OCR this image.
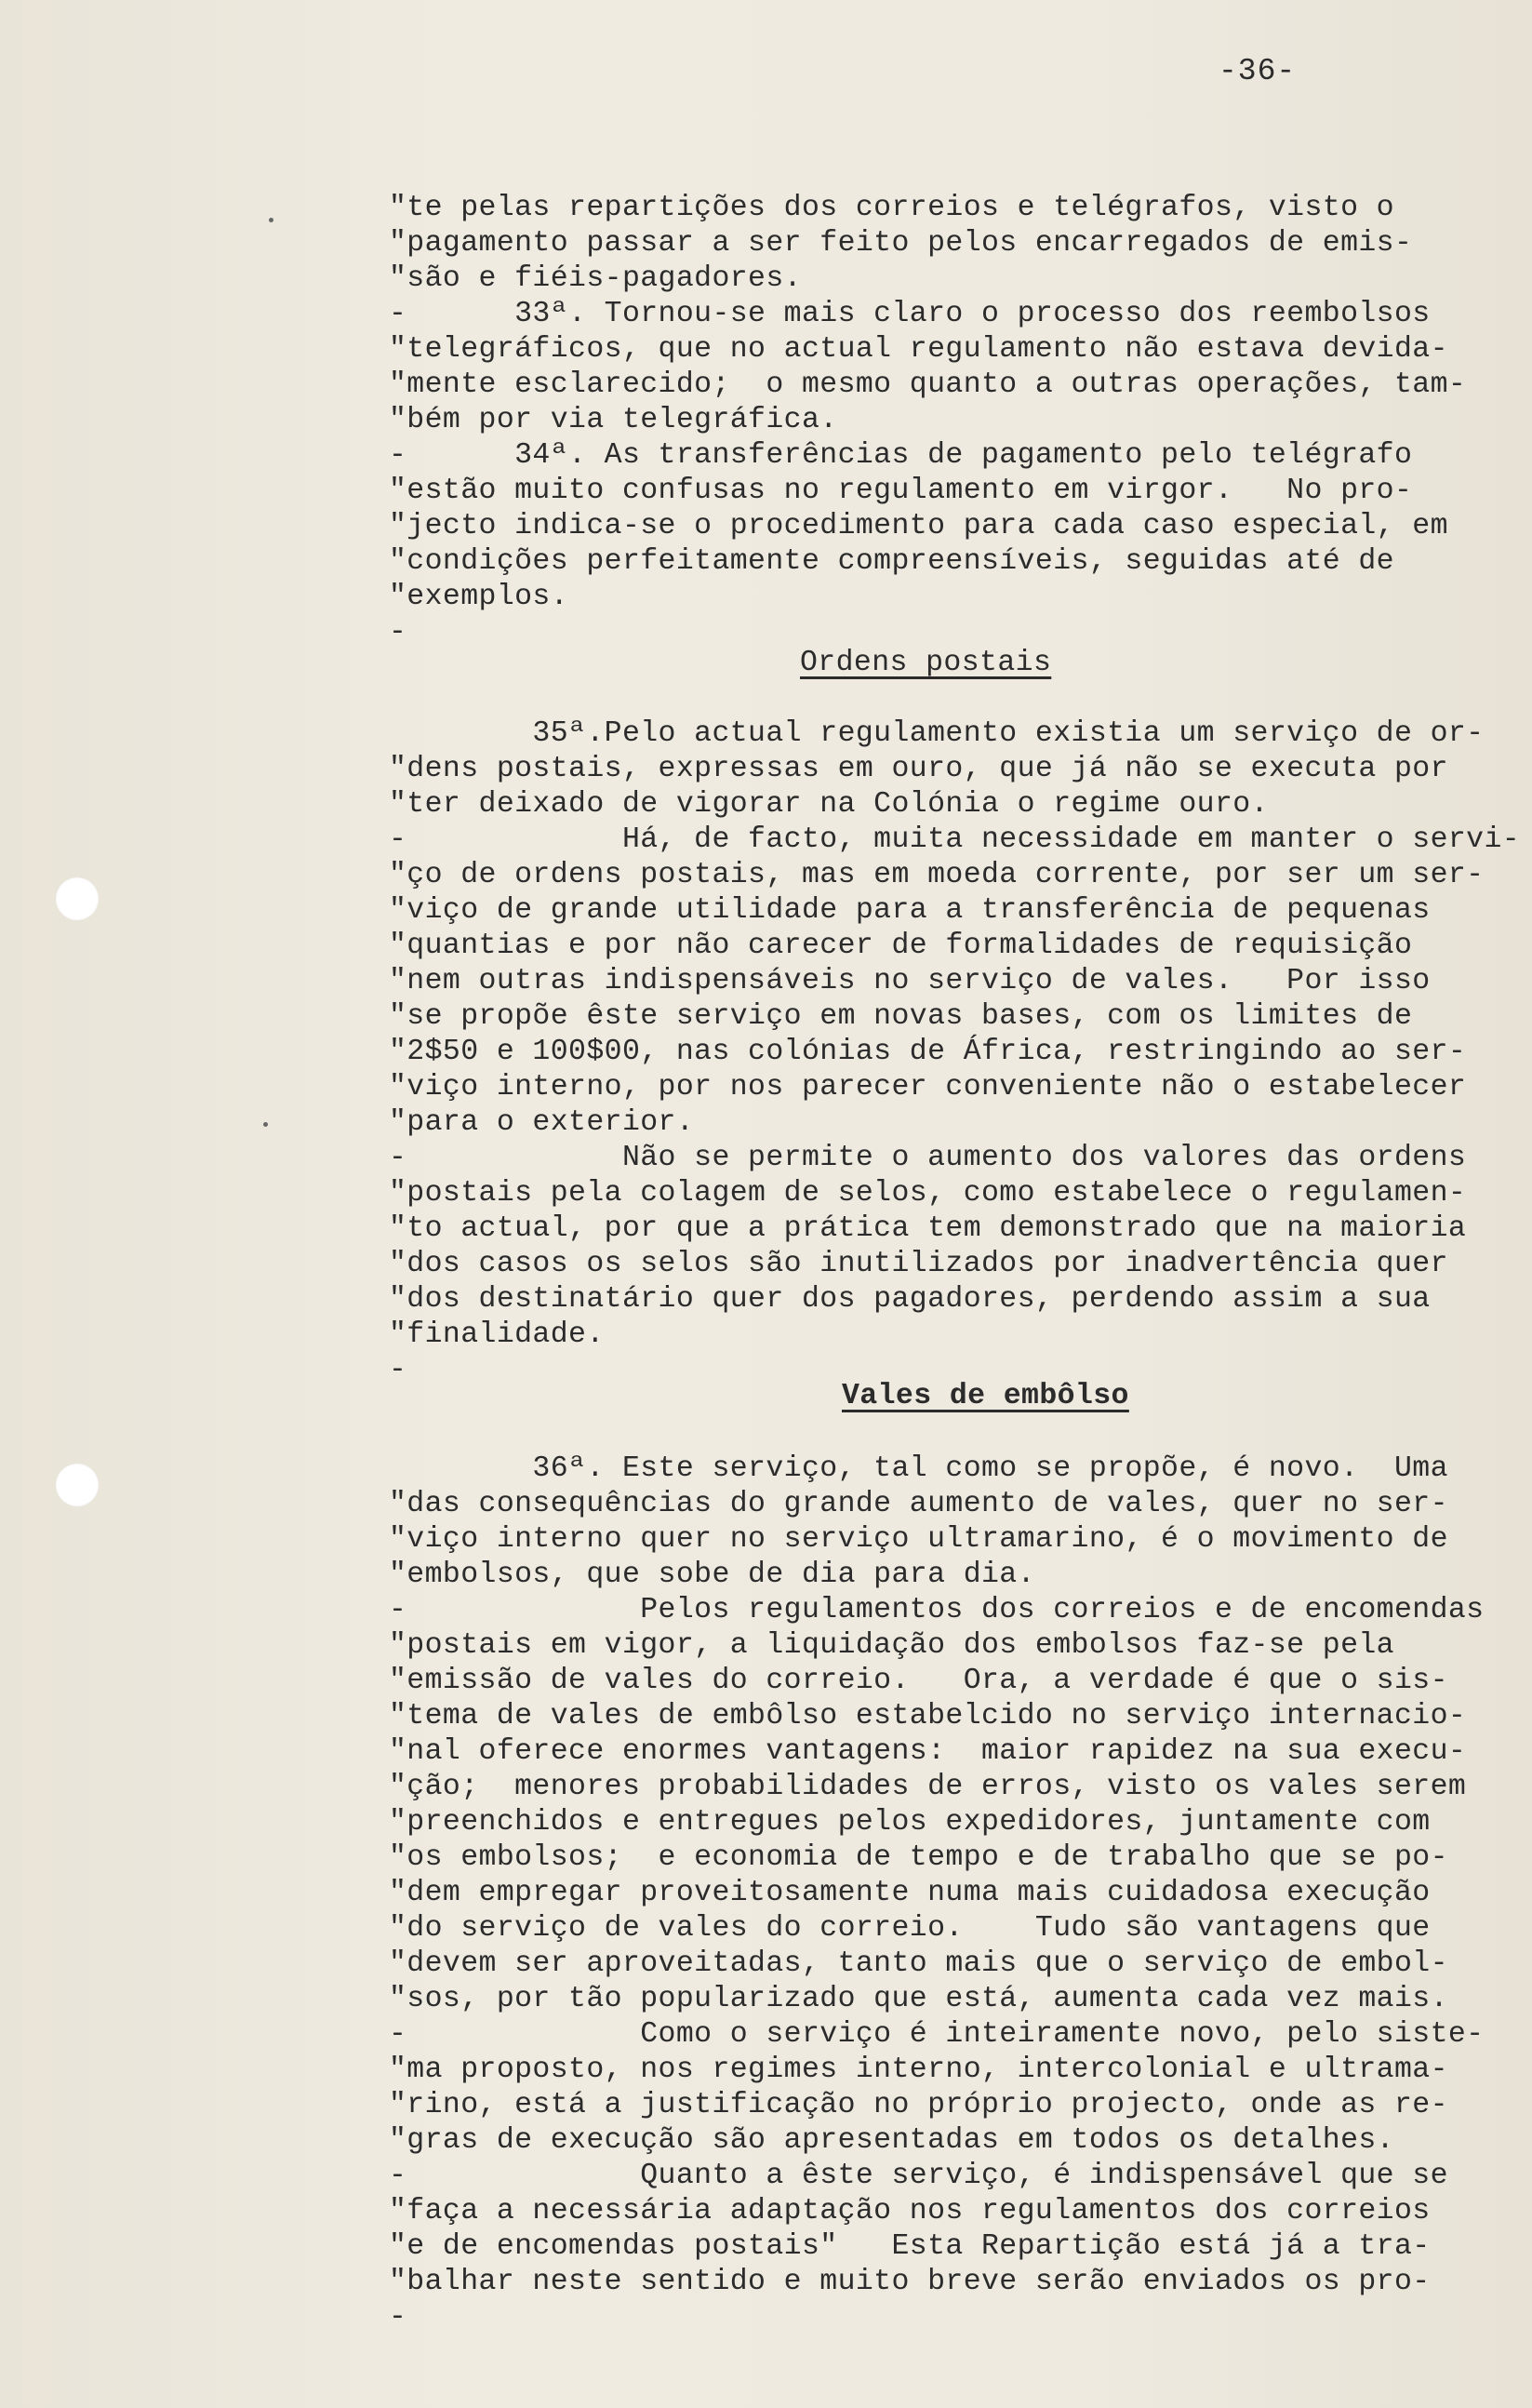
-36-
"te pelas repartições dos correios e telégrafos, visto o
"pagamento passar a ser feito pelos encarregados de emis-
"são e fiéis-pagadores.
-      33ª. Tornou-se mais claro o processo dos reembolsos
"telegráficos, que no actual regulamento não estava devida-
"mente esclarecido;  o mesmo quanto a outras operações, tam-
"bém por via telegráfica.
-      34ª. As transferências de pagamento pelo telégrafo
"estão muito confusas no regulamento em virgor.   No pro-
"jecto indica-se o procedimento para cada caso especial, em
"condições perfeitamente compreensíveis, seguidas até de
"exemplos.
-
Ordens postais
35ª.Pelo actual regulamento existia um serviço de or-
"dens postais, expressas em ouro, que já não se executa por
"ter deixado de vigorar na Colónia o regime ouro.
-            Há, de facto, muita necessidade em manter o servi-
"ço de ordens postais, mas em moeda corrente, por ser um ser-
"viço de grande utilidade para a transferência de pequenas
"quantias e por não carecer de formalidades de requisição
"nem outras indispensáveis no serviço de vales.   Por isso
"se propõe êste serviço em novas bases, com os limites de
"2$50 e 100$00, nas colónias de África, restringindo ao ser-
"viço interno, por nos parecer conveniente não o estabelecer
"para o exterior.
-            Não se permite o aumento dos valores das ordens
"postais pela colagem de selos, como estabelece o regulamen-
"to actual, por que a prática tem demonstrado que na maioria
"dos casos os selos são inutilizados por inadvertência quer
"dos destinatário quer dos pagadores, perdendo assim a sua
"finalidade.
-
Vales de embôlso
36ª. Este serviço, tal como se propõe, é novo.  Uma
"das consequências do grande aumento de vales, quer no ser-
"viço interno quer no serviço ultramarino, é o movimento de
"embolsos, que sobe de dia para dia.
-             Pelos regulamentos dos correios e de encomendas
"postais em vigor, a liquidação dos embolsos faz-se pela
"emissão de vales do correio.   Ora, a verdade é que o sis-
"tema de vales de embôlso estabelcido no serviço internacio-
"nal oferece enormes vantagens:  maior rapidez na sua execu-
"ção;  menores probabilidades de erros, visto os vales serem
"preenchidos e entregues pelos expedidores, juntamente com
"os embolsos;  e economia de tempo e de trabalho que se po-
"dem empregar proveitosamente numa mais cuidadosa execução
"do serviço de vales do correio.    Tudo são vantagens que
"devem ser aproveitadas, tanto mais que o serviço de embol-
"sos, por tão popularizado que está, aumenta cada vez mais.
-             Como o serviço é inteiramente novo, pelo siste-
"ma proposto, nos regimes interno, intercolonial e ultrama-
"rino, está a justificação no próprio projecto, onde as re-
"gras de execução são apresentadas em todos os detalhes.
-             Quanto a êste serviço, é indispensável que se
"faça a necessária adaptação nos regulamentos dos correios
"e de encomendas postais"   Esta Repartição está já a tra-
"balhar neste sentido e muito breve serão enviados os pro-
-
